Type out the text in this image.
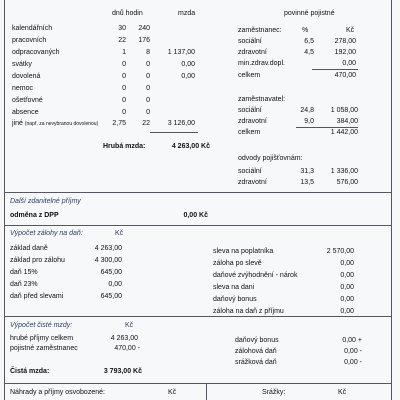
dnů hodin	mzda	povinné pojistné
kalendářních	30	240
pracovních	22	176
odpracovaných	1	8	1 137,00
svátky	0	0	0,00
dovolená	0	0	0,00
nemoc	0	0
ošetřovné	0	0
absence	0	0
jiné (např. za nevybranou dovolenou)	2,75	22	3 126,00
Hrubá mzda:	4 263,00 Kč
zaměstnanec:	%	Kč
sociální	6,5	278,00
zdravotní	4,5	192,00
min.zdrav.dopl.	0,00
celkem	470,00
zaměstnavatel:
sociální	24,8	1 058,00
zdravotní	9,0	384,00
celkem	1 442,00
odvody pojišťovnám:
sociální	31,3	1 336,00
zdravotní	13,5	576,00
Další zdanitelné příjmy
odměna z DPP	0,00 Kč
Výpočet zálohy na daň:	Kč
základ daně	4 263,00
základ pro zálohu	4 300,00
daň 15%	645,00
daň 23%	0,00
daň před slevami	645,00
sleva na poplatníka	2 570,00
záloha po slevě	0,00
daňové zvýhodnění - nárok	0,00
sleva na dani	0,00
daňový bonus	0,00
záloha na daň z příjmu	0,00
Výpočet čisté mzdy:	Kč
hrubé příjmy celkem	4 263,00
pojistné zaměstnanec	470,00 -
daňový bonus	0,00 +
zálohová daň	0,00 -
srážková daň	0,00 -
Čistá mzda:	3 793,00 Kč
Náhrady a příjmy osvobozené:	Kč	Srážky:	Kč
